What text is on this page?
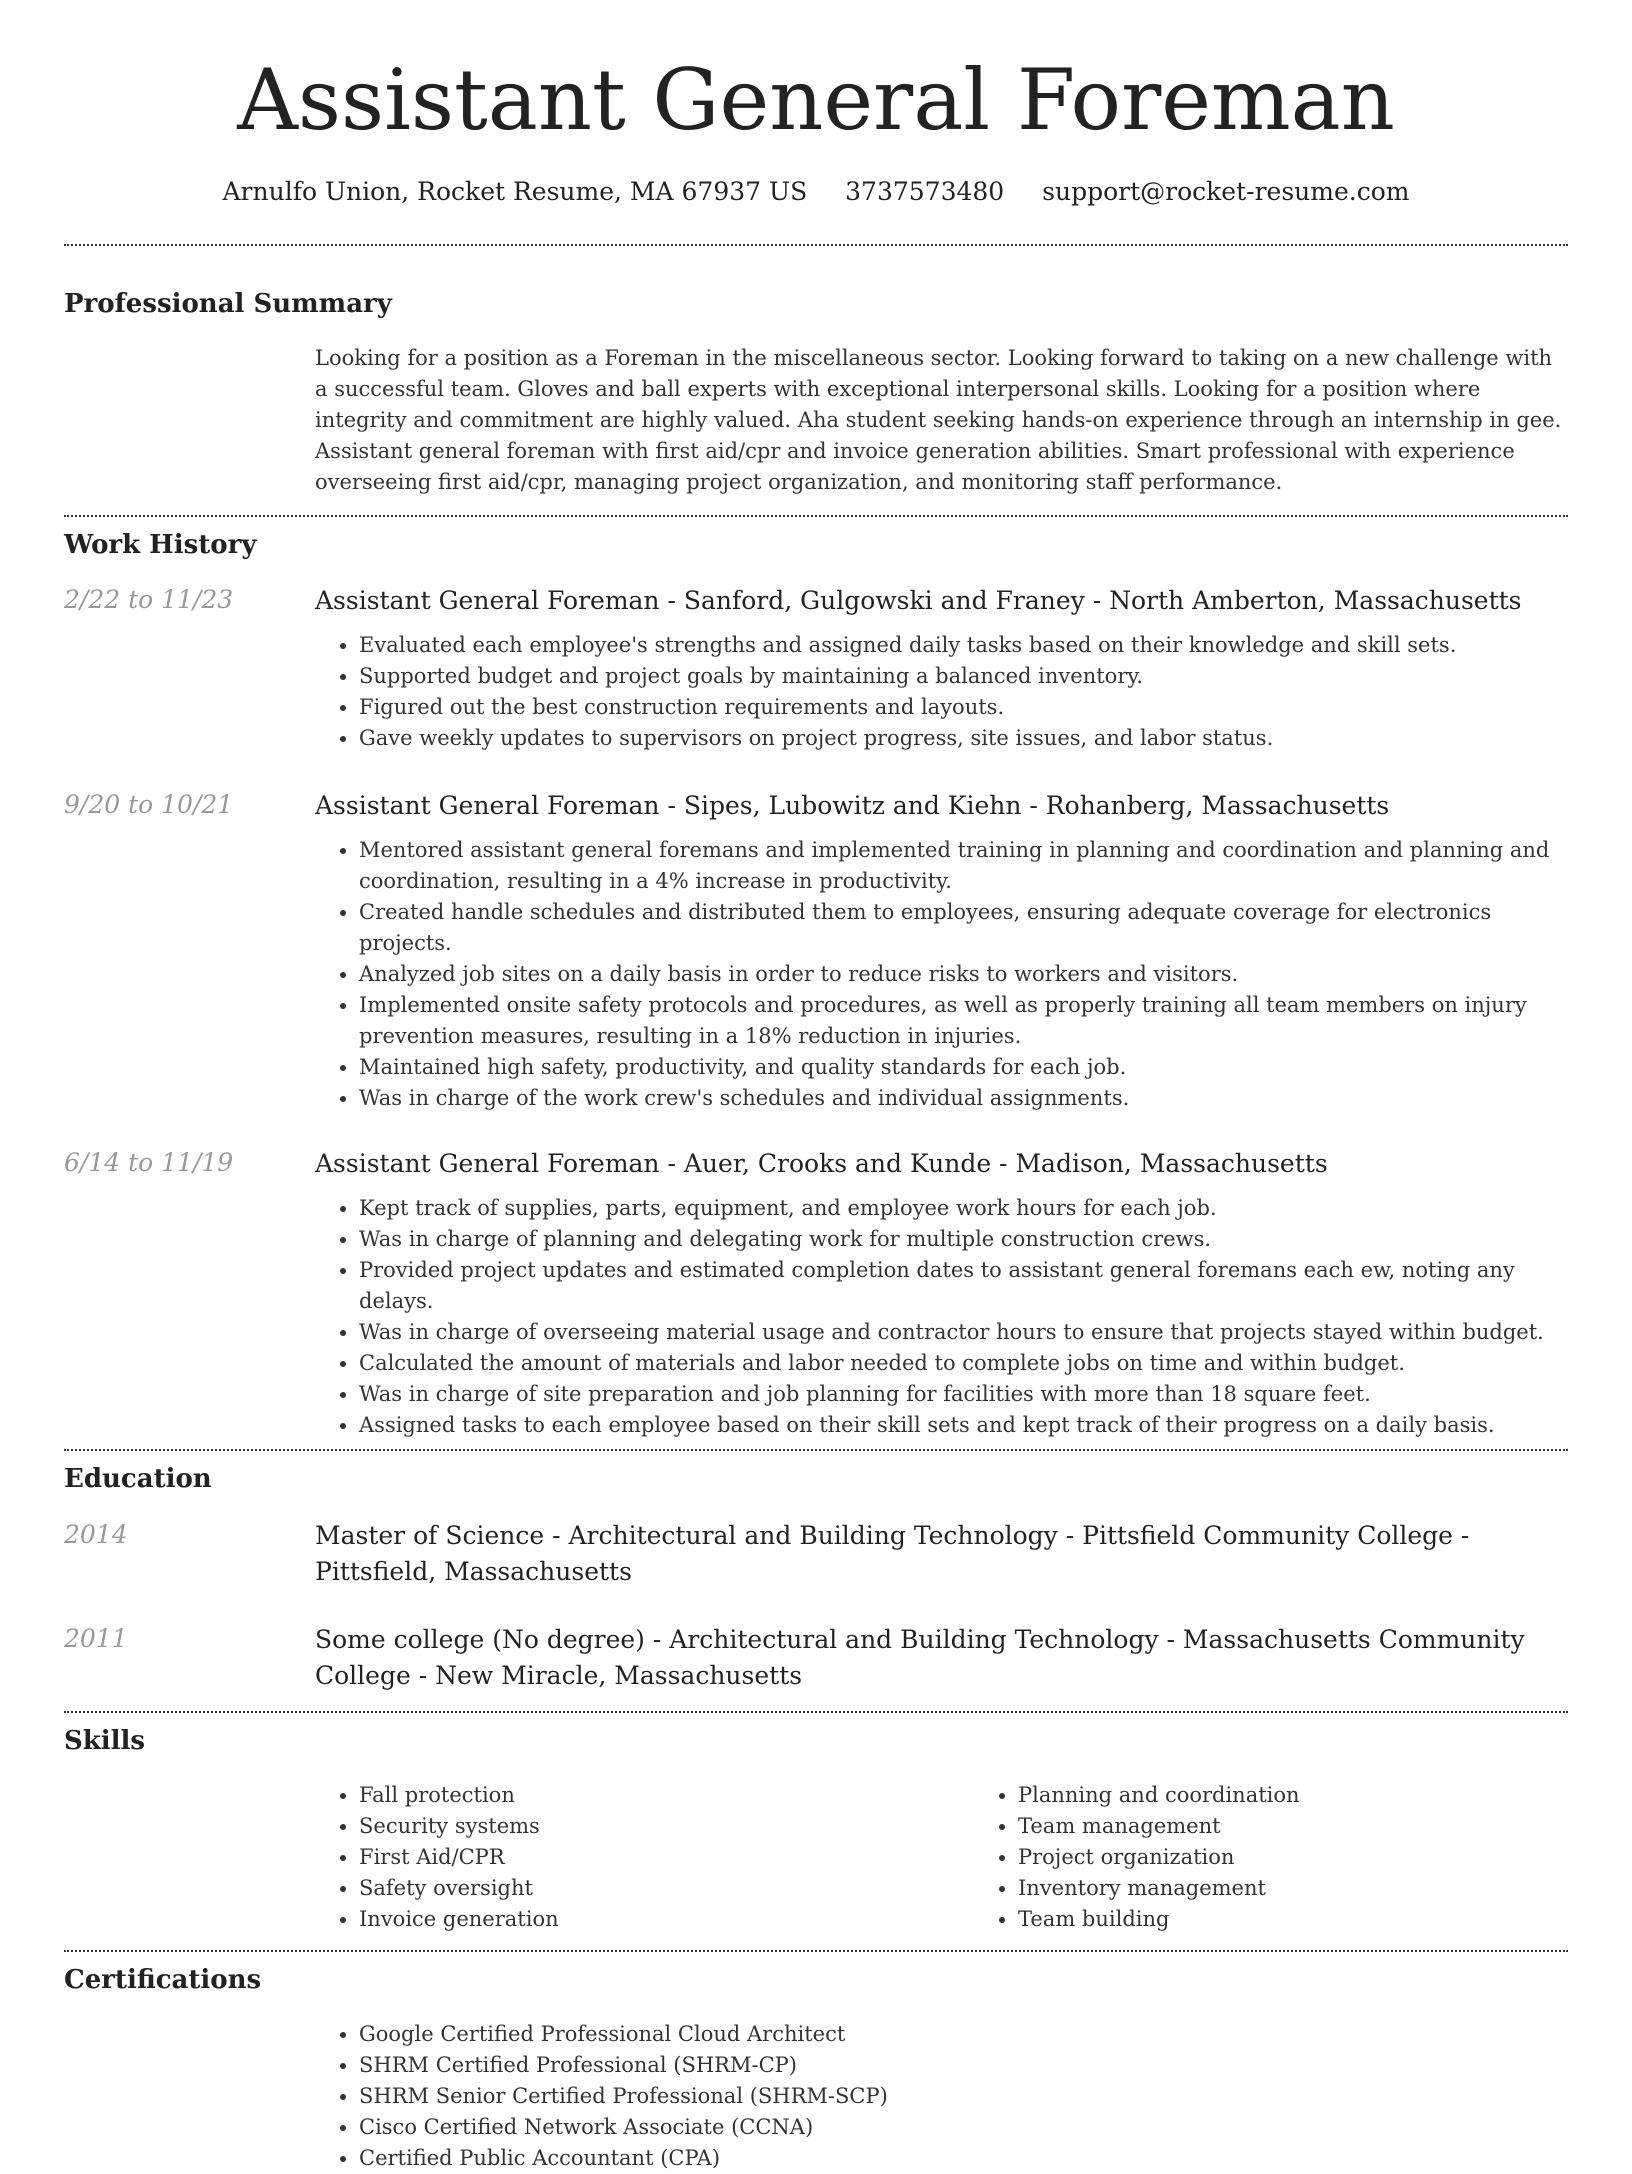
Assistant General Foreman
Arnulfo Union, Rocket Resume, MA 67937 US 3737573480 support@rocket-resume.com
Professional Summary
Looking for a position as a Foreman in the miscellaneous sector. Looking forward to taking on a new challenge with a successful team. Gloves and ball experts with exceptional interpersonal skills. Looking for a position where integrity and commitment are highly valued. Aha student seeking hands-on experience through an internship in gee. Assistant general foreman with first aid/cpr and invoice generation abilities. Smart professional with experience overseeing first aid/cpr, managing project organization, and monitoring staff performance.
Work History
2/22 to 11/23	Assistant General Foreman - Sanford, Gulgowski and Franey - North Amberton, Massachusetts
• Evaluated each employee's strengths and assigned daily tasks based on their knowledge and skill sets.
• Supported budget and project goals by maintaining a balanced inventory.
• Figured out the best construction requirements and layouts.
• Gave weekly updates to supervisors on project progress, site issues, and labor status.
9/20 to 10/21	Assistant General Foreman - Sipes, Lubowitz and Kiehn - Rohanberg, Massachusetts
• Mentored assistant general foremans and implemented training in planning and coordination and planning and coordination, resulting in a 4% increase in productivity.
• Created handle schedules and distributed them to employees, ensuring adequate coverage for electronics projects.
• Analyzed job sites on a daily basis in order to reduce risks to workers and visitors.
• Implemented onsite safety protocols and procedures, as well as properly training all team members on injury prevention measures, resulting in a 18% reduction in injuries.
• Maintained high safety, productivity, and quality standards for each job.
• Was in charge of the work crew's schedules and individual assignments.
6/14 to 11/19	Assistant General Foreman - Auer, Crooks and Kunde - Madison, Massachusetts
• Kept track of supplies, parts, equipment, and employee work hours for each job.
• Was in charge of planning and delegating work for multiple construction crews.
• Provided project updates and estimated completion dates to assistant general foremans each ew, noting any delays.
• Was in charge of overseeing material usage and contractor hours to ensure that projects stayed within budget.
• Calculated the amount of materials and labor needed to complete jobs on time and within budget.
• Was in charge of site preparation and job planning for facilities with more than 18 square feet.
• Assigned tasks to each employee based on their skill sets and kept track of their progress on a daily basis.
Education
2014	Master of Science - Architectural and Building Technology - Pittsfield Community College - Pittsfield, Massachusetts
2011	Some college (No degree) - Architectural and Building Technology - Massachusetts Community College - New Miracle, Massachusetts
Skills
• Fall protection
• Security systems
• First Aid/CPR
• Safety oversight
• Invoice generation
• Planning and coordination
• Team management
• Project organization
• Inventory management
• Team building
Certifications
• Google Certified Professional Cloud Architect
• SHRM Certified Professional (SHRM-CP)
• SHRM Senior Certified Professional (SHRM-SCP)
• Cisco Certified Network Associate (CCNA)
• Certified Public Accountant (CPA)
